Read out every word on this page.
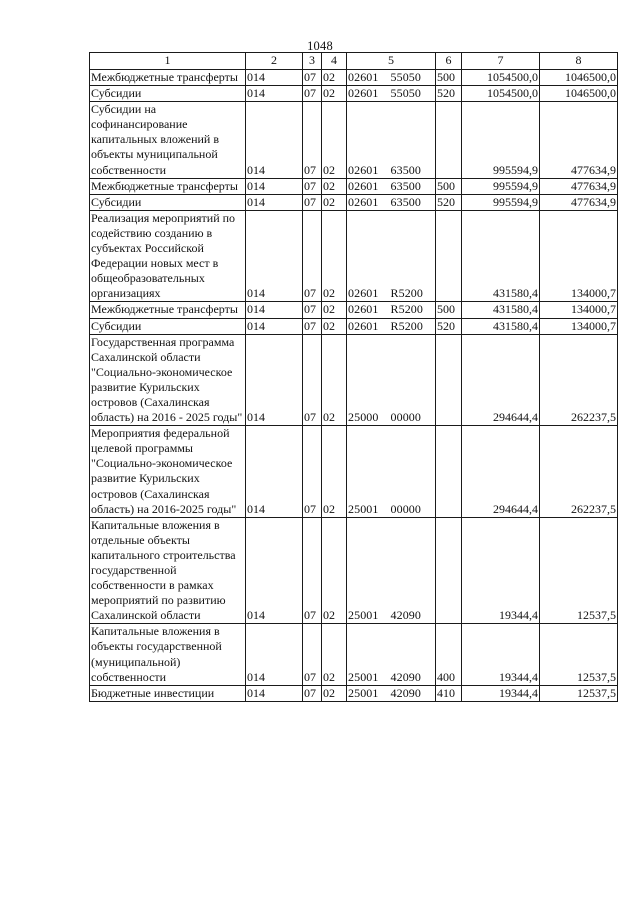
1048
1	2	3	4	5	6	7	8
Межбюджетные трансферты	014	07	02	02601 55050	500	1054500,0	1046500,0
Субсидии	014	07	02	02601 55050	520	1054500,0	1046500,0
Субсидии на софинансирование капитальных вложений в объекты муниципальной собственности	014	07	02	02601 63500		995594,9	477634,9
Межбюджетные трансферты	014	07	02	02601 63500	500	995594,9	477634,9
Субсидии	014	07	02	02601 63500	520	995594,9	477634,9
Реализация мероприятий по содействию созданию в субъектах Российской Федерации новых мест в общеобразовательных организациях	014	07	02	02601 R5200		431580,4	134000,7
Межбюджетные трансферты	014	07	02	02601 R5200	500	431580,4	134000,7
Субсидии	014	07	02	02601 R5200	520	431580,4	134000,7
Государственная программа Сахалинской области "Социально-экономическое развитие Курильских островов (Сахалинская область) на 2016 - 2025 годы"	014	07	02	25000 00000		294644,4	262237,5
Мероприятия федеральной целевой программы "Социально-экономическое развитие Курильских островов (Сахалинская область) на 2016-2025 годы"	014	07	02	25001 00000		294644,4	262237,5
Капитальные вложения в отдельные объекты капитального строительства государственной собственности в рамках мероприятий по развитию Сахалинской области	014	07	02	25001 42090		19344,4	12537,5
Капитальные вложения в объекты государственной (муниципальной) собственности	014	07	02	25001 42090	400	19344,4	12537,5
Бюджетные инвестиции	014	07	02	25001 42090	410	19344,4	12537,5
